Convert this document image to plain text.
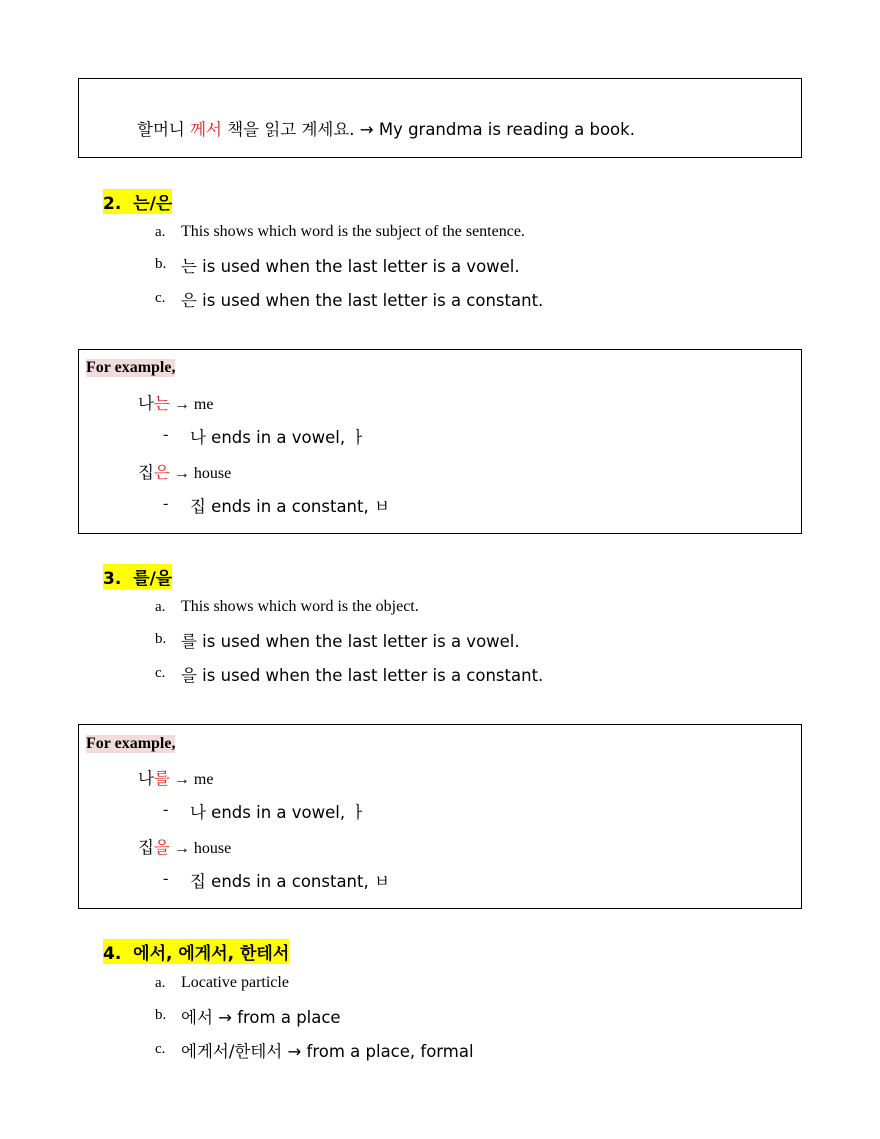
할머니 께서 책을 읽고 계세요. → My grandma is reading a book.
2. 는/은
a. This shows which word is the subject of the sentence.
b. 는 is used when the last letter is a vowel.
c. 은 is used when the last letter is a constant.
For example,
나는 → me
- 나 ends in a vowel, ㅏ
집은 → house
- 집 ends in a constant, ㅂ
3. 를/을
a. This shows which word is the object.
b. 를 is used when the last letter is a vowel.
c. 을 is used when the last letter is a constant.
For example,
나를 → me
- 나 ends in a vowel, ㅏ
집을 → house
- 집 ends in a constant, ㅂ
4. 에서, 에게서, 한테서
a. Locative particle
b. 에서 → from a place
c. 에게서/한테서 → from a place, formal
